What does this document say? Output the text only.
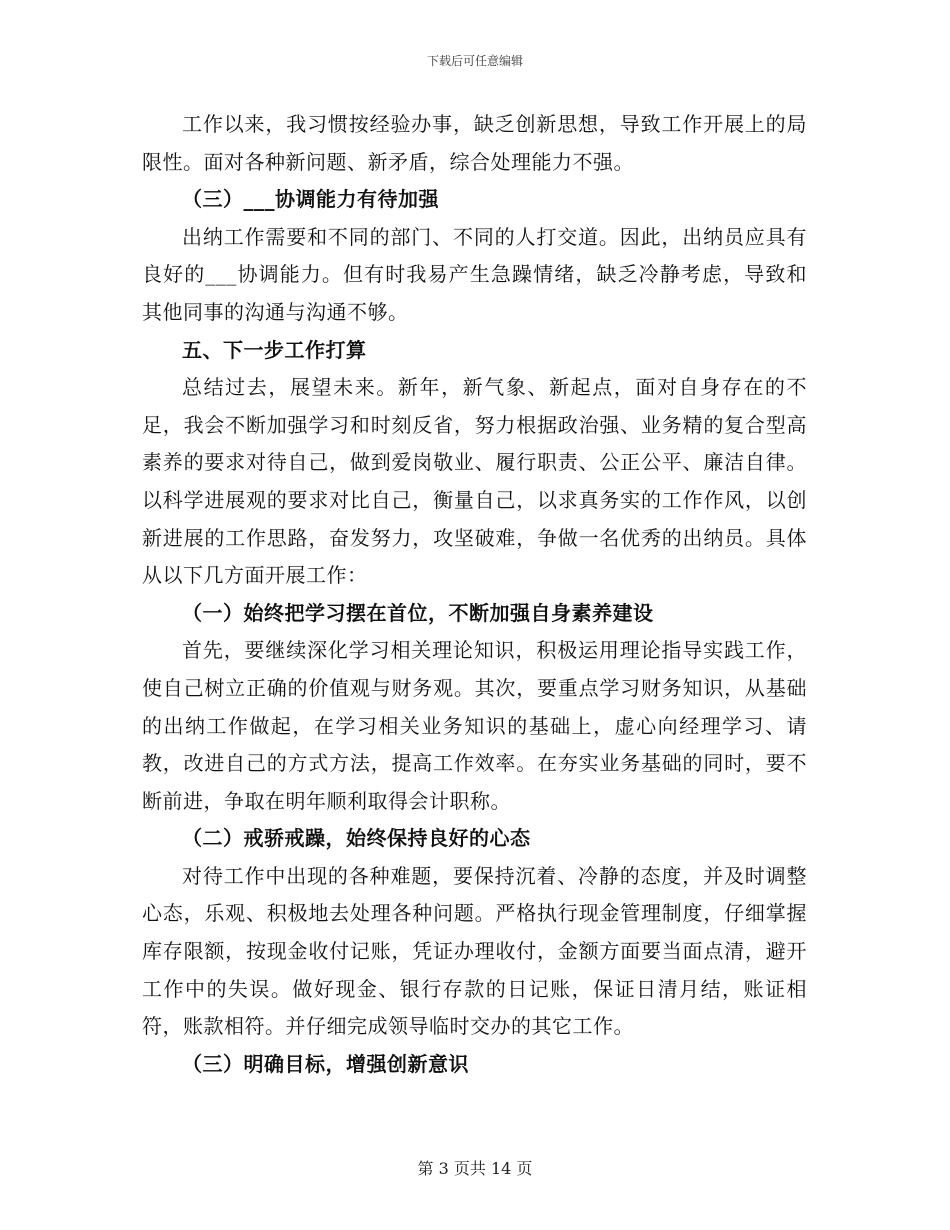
下载后可任意编辑

工作以来，我习惯按经验办事，缺乏创新思想，导致工作开展上的局限性。面对各种新问题、新矛盾，综合处理能力不强。

（三）___协调能力有待加强

出纳工作需要和不同的部门、不同的人打交道。因此，出纳员应具有良好的___协调能力。但有时我易产生急躁情绪，缺乏冷静考虑，导致和其他同事的沟通与沟通不够。

五、下一步工作打算

总结过去，展望未来。新年，新气象、新起点，面对自身存在的不足，我会不断加强学习和时刻反省，努力根据政治强、业务精的复合型高素养的要求对待自己，做到爱岗敬业、履行职责、公正公平、廉洁自律。以科学进展观的要求对比自己，衡量自己，以求真务实的工作作风，以创新进展的工作思路，奋发努力，攻坚破难，争做一名优秀的出纳员。具体从以下几方面开展工作：

（一）始终把学习摆在首位，不断加强自身素养建设

首先，要继续深化学习相关理论知识，积极运用理论指导实践工作，使自己树立正确的价值观与财务观。其次，要重点学习财务知识，从基础的出纳工作做起，在学习相关业务知识的基础上，虚心向经理学习、请教，改进自己的方式方法，提高工作效率。在夯实业务基础的同时，要不断前进，争取在明年顺利取得会计职称。

（二）戒骄戒躁，始终保持良好的心态

对待工作中出现的各种难题，要保持沉着、冷静的态度，并及时调整心态，乐观、积极地去处理各种问题。严格执行现金管理制度，仔细掌握库存限额，按现金收付记账，凭证办理收付，金额方面要当面点清，避开工作中的失误。做好现金、银行存款的日记账，保证日清月结，账证相符，账款相符。并仔细完成领导临时交办的其它工作。

（三）明确目标，增强创新意识

第 3 页共 14 页
